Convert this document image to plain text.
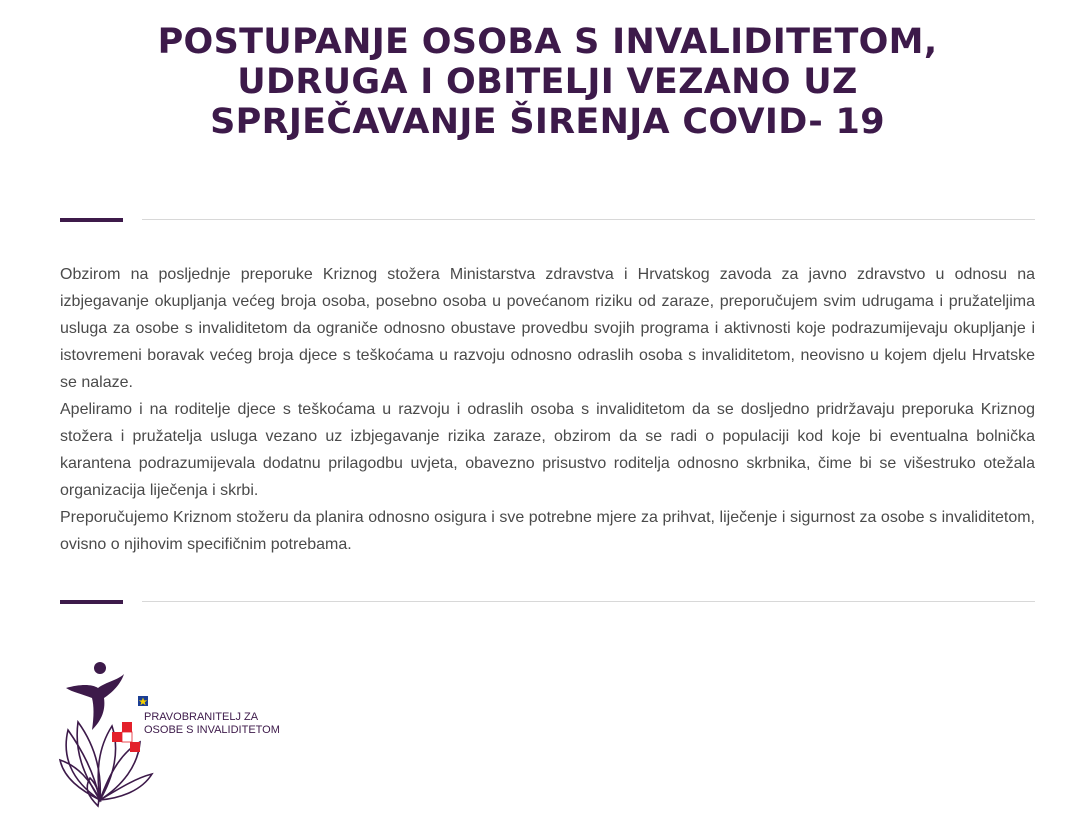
POSTUPANJE OSOBA S INVALIDITETOM,
UDRUGA I OBITELJI VEZANO UZ
SPRJEČAVANJE ŠIRENJA COVID- 19

Obzirom na posljednje preporuke Kriznog stožera Ministarstva zdravstva i Hrvatskog zavoda za javno zdravstvo u odnosu na izbjegavanje okupljanja većeg broja osoba, posebno osoba u povećanom riziku od zaraze, preporučujem svim udrugama i pružateljima usluga za osobe s invaliditetom da ograniče odnosno obustave provedbu svojih programa i aktivnosti koje podrazumijevaju okupljanje i istovremeni boravak većeg broja djece s teškoćama u razvoju odnosno odraslih osoba s invaliditetom, neovisno u kojem djelu Hrvatske se nalaze.

Apeliramo i na roditelje djece s teškoćama u razvoju i odraslih osoba s invaliditetom da se dosljedno pridržavaju preporuka Kriznog stožera i pružatelja usluga vezano uz izbjegavanje rizika zaraze, obzirom da se radi o populaciji kod koje bi eventualna bolnička karantena podrazumijevala dodatnu prilagodbu uvjeta, obavezno prisustvo roditelja odnosno skrbnika, čime bi se višestruko otežala organizacija liječenja i skrbi.

Preporučujemo Kriznom stožeru da planira odnosno osigura i sve potrebne mjere za prihvat, liječenje i sigurnost za osobe s invaliditetom, ovisno o njihovim specifičnim potrebama.

PRAVOBRANITELJ ZA
OSOBE S INVALIDITETOM
